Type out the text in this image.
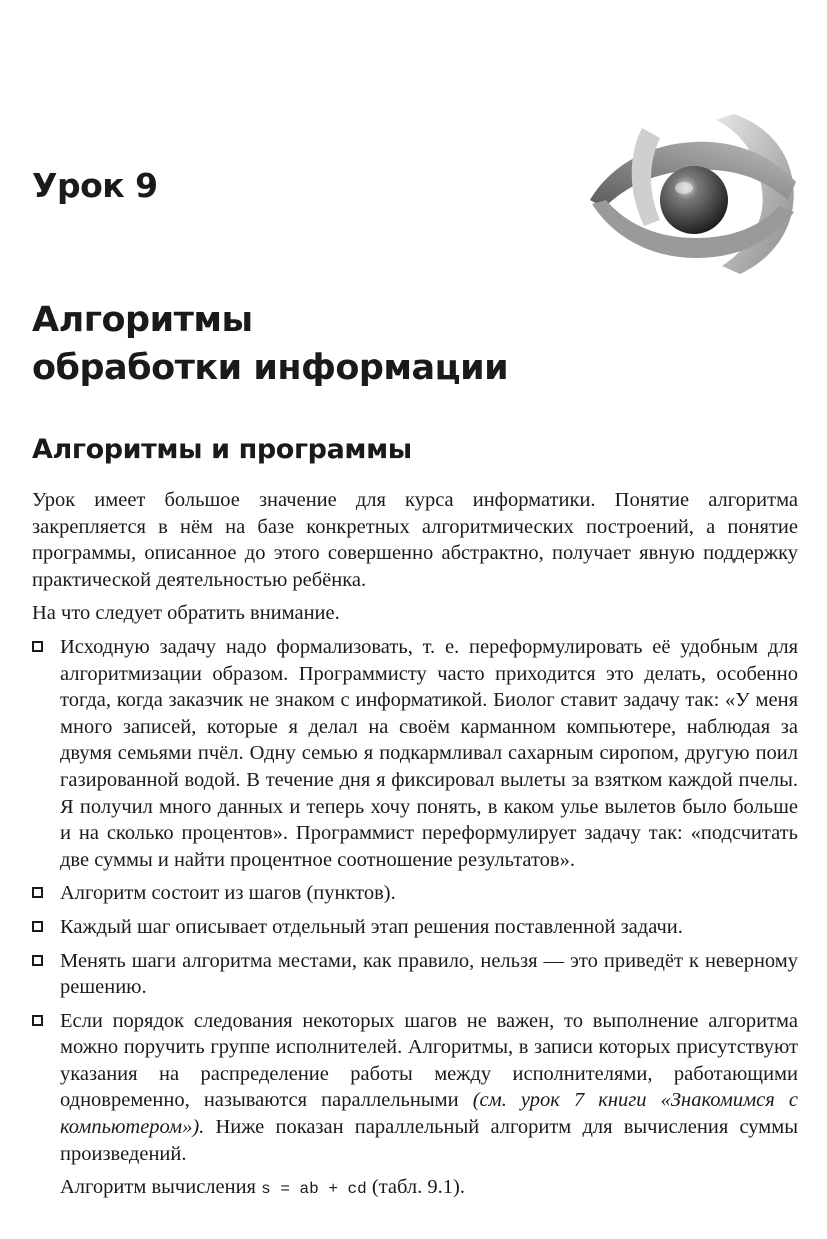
Урок 9
Алгоритмы
обработки информации
Алгоритмы и программы

Урок имеет большое значение для курса информатики. Понятие алгоритма закрепляется в нём на базе конкретных алгоритмических построений, а понятие программы, описанное до этого совершенно абстрактно, получает явную поддержку практической деятельностью ребёнка.

На что следует обратить внимание.

Исходную задачу надо формализовать, т. е. переформулировать её удобным для алгоритмизации образом. Программисту часто приходится это делать, особенно тогда, когда заказчик не знаком с информатикой. Биолог ставит задачу так: «У меня много записей, которые я делал на своём карманном компьютере, наблюдая за двумя семьями пчёл. Одну семью я подкармливал сахарным сиропом, другую поил газированной водой. В течение дня я фиксировал вылеты за взятком каждой пчелы. Я получил много данных и теперь хочу понять, в каком улье вылетов было больше и на сколько процентов». Программист переформулирует задачу так: «подсчитать две суммы и найти процентное соотношение результатов».
Алгоритм состоит из шагов (пунктов).
Каждый шаг описывает отдельный этап решения поставленной задачи.
Менять шаги алгоритма местами, как правило, нельзя — это приведёт к неверному решению.
Если порядок следования некоторых шагов не важен, то выполнение алгоритма можно поручить группе исполнителей. Алгоритмы, в записи которых присутствуют указания на распределение работы между исполнителями, работающими одновременно, называются параллельными (см. урок 7 книги «Знакомимся с компьютером»). Ниже показан параллельный алгоритм для вычисления суммы произведений.

Алгоритм вычисления s = ab + cd (табл. 9.1).
